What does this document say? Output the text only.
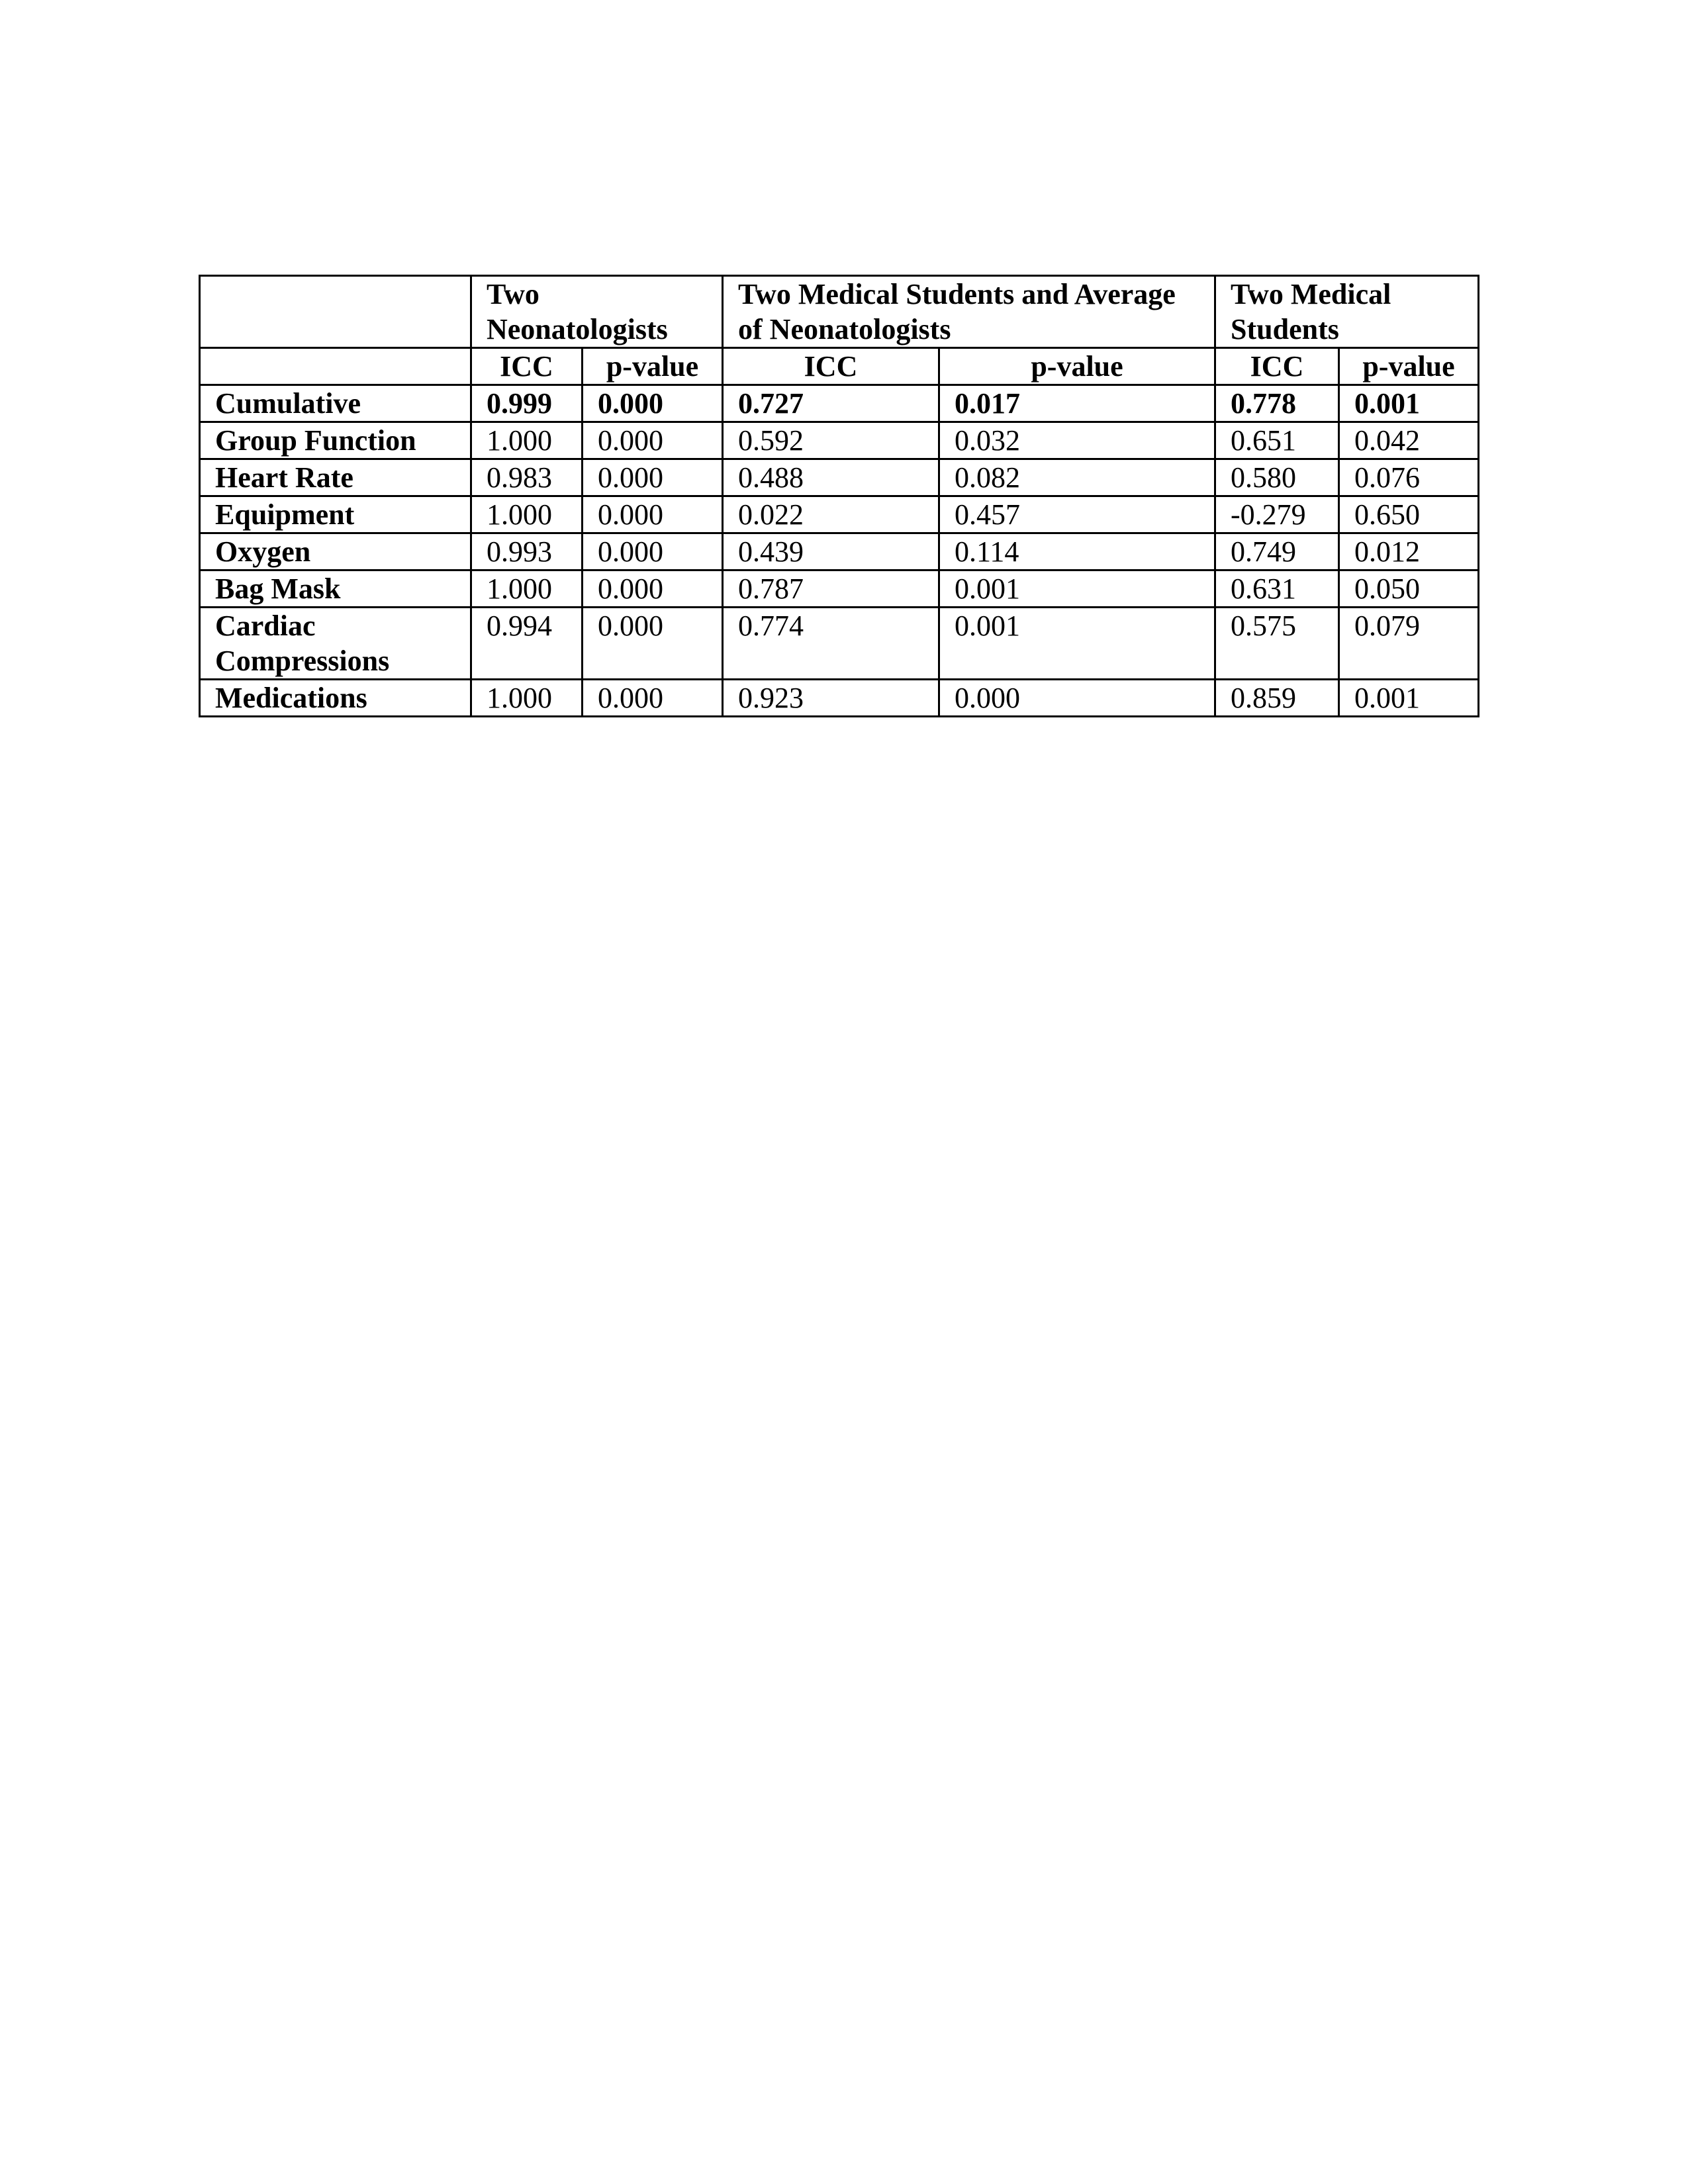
	Two Neonatologists		Two Medical Students and Average of Neonatologists		Two Medical Students	
	ICC	p-value	ICC	p-value	ICC	p-value
Cumulative	0.999	0.000	0.727	0.017	0.778	0.001
Group Function	1.000	0.000	0.592	0.032	0.651	0.042
Heart Rate	0.983	0.000	0.488	0.082	0.580	0.076
Equipment	1.000	0.000	0.022	0.457	-0.279	0.650
Oxygen	0.993	0.000	0.439	0.114	0.749	0.012
Bag Mask	1.000	0.000	0.787	0.001	0.631	0.050
Cardiac Compressions	0.994	0.000	0.774	0.001	0.575	0.079
Medications	1.000	0.000	0.923	0.000	0.859	0.001
